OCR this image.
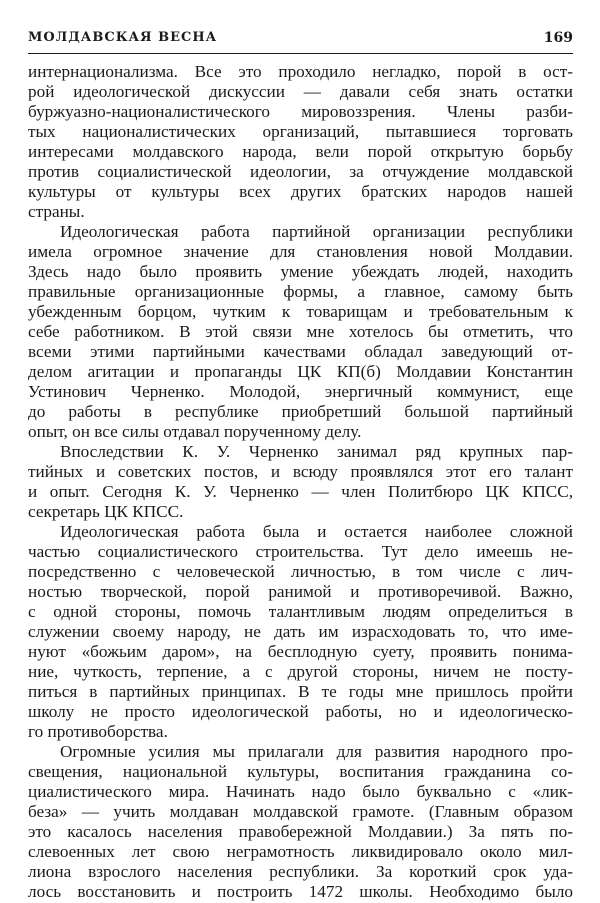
МОЛДАВСКАЯ ВЕСНА	169
интернационализма. Все это проходило негладко, порой в ост-
рой идеологической дискуссии — давали себя знать остатки
буржуазно-националистического мировоззрения. Члены разби-
тых националистических организаций, пытавшиеся торговать
интересами молдавского народа, вели порой открытую борьбу
против социалистической идеологии, за отчуждение молдавской
культуры от культуры всех других братских народов нашей
страны.
Идеологическая работа партийной организации республики
имела огромное значение для становления новой Молдавии.
Здесь надо было проявить умение убеждать людей, находить
правильные организационные формы, а главное, самому быть
убежденным борцом, чутким к товарищам и требовательным к
себе работником. В этой связи мне хотелось бы отметить, что
всеми этими партийными качествами обладал заведующий от-
делом агитации и пропаганды ЦК КП(б) Молдавии Константин
Устинович Черненко. Молодой, энергичный коммунист, еще
до работы в республике приобретший большой партийный
опыт, он все силы отдавал порученному делу.
Впоследствии К. У. Черненко занимал ряд крупных пар-
тийных и советских постов, и всюду проявлялся этот его талант
и опыт. Сегодня К. У. Черненко — член Политбюро ЦК КПСС,
секретарь ЦК КПСС.
Идеологическая работа была и остается наиболее сложной
частью социалистического строительства. Тут дело имеешь не-
посредственно с человеческой личностью, в том числе с лич-
ностью творческой, порой ранимой и противоречивой. Важно,
с одной стороны, помочь талантливым людям определиться в
служении своему народу, не дать им израсходовать то, что име-
нуют «божьим даром», на бесплодную суету, проявить понима-
ние, чуткость, терпение, а с другой стороны, ничем не посту-
питься в партийных принципах. В те годы мне пришлось пройти
школу не просто идеологической работы, но и идеологическо-
го противоборства.
Огромные усилия мы прилагали для развития народного про-
свещения, национальной культуры, воспитания гражданина со-
циалистического мира. Начинать надо было буквально с «лик-
беза» — учить молдаван молдавской грамоте. (Главным образом
это касалось населения правобережной Молдавии.) За пять по-
слевоенных лет свою неграмотность ликвидировало около мил-
лиона взрослого населения республики. За короткий срок уда-
лось восстановить и построить 1472 школы. Необходимо было
